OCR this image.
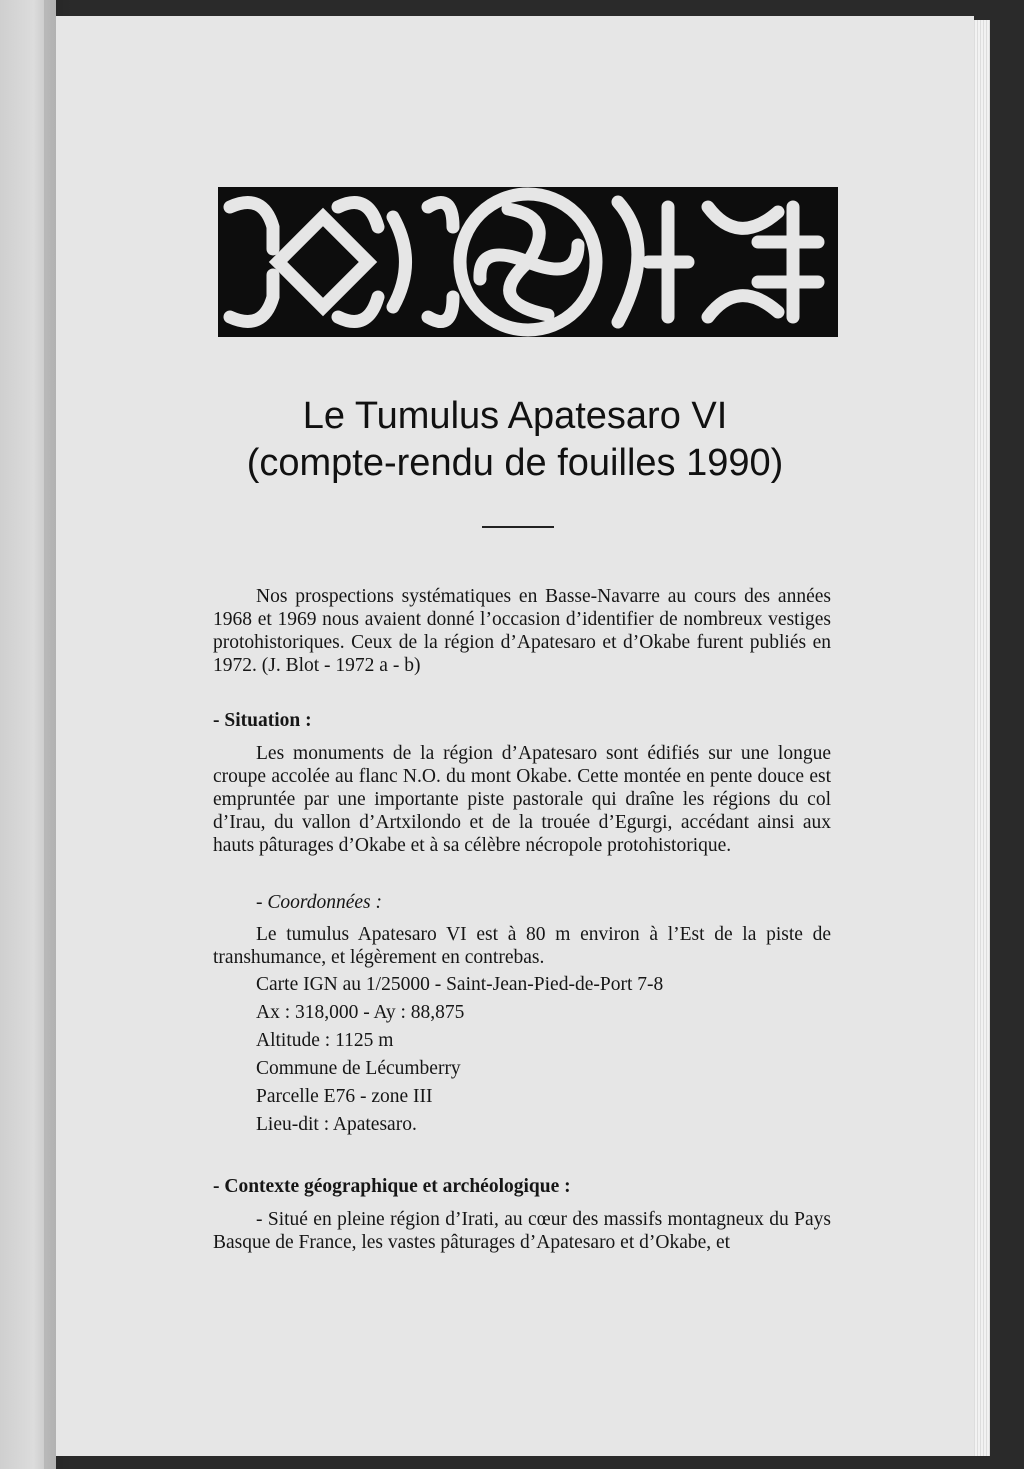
Le Tumulus Apatesaro VI
(compte-rendu de fouilles 1990)
Nos prospections systématiques en Basse-Navarre au cours des années 1968 et 1969 nous avaient donné l’occasion d’identifier de nombreux vestiges protohistoriques. Ceux de la région d’Apatesaro et d’Okabe furent publiés en 1972. (J. Blot - 1972 a - b)
- Situation :
Les monuments de la région d’Apatesaro sont édifiés sur une longue croupe accolée au flanc N.O. du mont Okabe. Cette montée en pente douce est empruntée par une importante piste pastorale qui draîne les régions du col d’Irau, du vallon d’Artxilondo et de la trouée d’Egurgi, accédant ainsi aux hauts pâturages d’Okabe et à sa célèbre nécropole protohistorique.
- Coordonnées :
Le tumulus Apatesaro VI est à 80 m environ à l’Est de la piste de transhumance, et légèrement en contrebas.
Carte IGN au 1/25000 - Saint-Jean-Pied-de-Port 7-8
Ax : 318,000 - Ay : 88,875
Altitude : 1125 m
Commune de Lécumberry
Parcelle E76 - zone III
Lieu-dit : Apatesaro.
- Contexte géographique et archéologique :
- Situé en pleine région d’Irati, au cœur des massifs montagneux du Pays Basque de France, les vastes pâturages d’Apatesaro et d’Okabe, et
